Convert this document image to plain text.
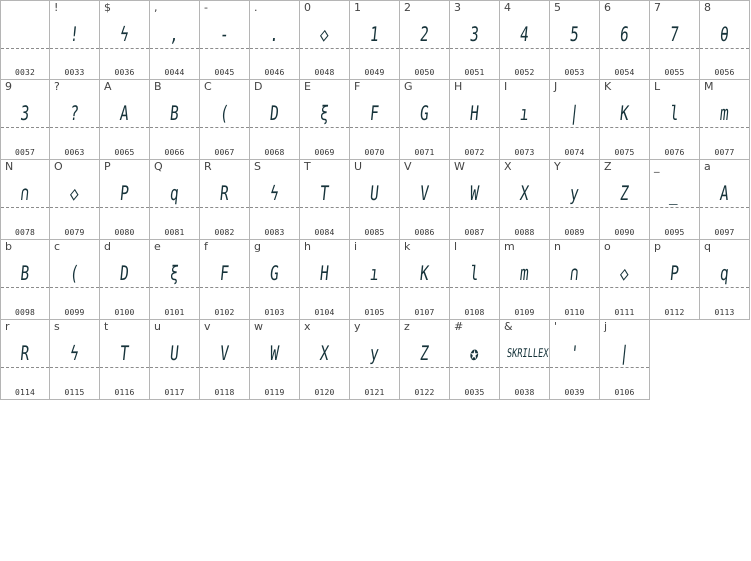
0032
!
!
0033
$
ϟ
0036
,
,
0044
-
-
0045
.
.
0046
0
◇
0048
1
1
0049
2
2
0050
3
3
0051
4
4
0052
5
5
0053
6
6
0054
7
7
0055
8
θ
0056
9
3
0057
?
?
0063
A
A
0065
B
B
0066
C
(
0067
D
D
0068
E
ξ
0069
F
F
0070
G
G
0071
H
H
0072
I
ı
0073
J
|
0074
K
K
0075
L
l
0076
M
m
0077
N
∩
0078
O
◇
0079
P
P
0080
Q
q
0081
R
R
0082
S
ϟ
0083
T
T
0084
U
U
0085
V
V
0086
W
W
0087
X
X
0088
Y
y
0089
Z
Z
0090
_
_
0095
a
A
0097
b
B
0098
c
(
0099
d
D
0100
e
ξ
0101
f
F
0102
g
G
0103
h
H
0104
i
ı
0105
k
K
0107
l
l
0108
m
m
0109
n
∩
0110
o
◇
0111
p
P
0112
q
q
0113
r
R
0114
s
ϟ
0115
t
T
0116
u
U
0117
v
V
0118
w
W
0119
x
X
0120
y
y
0121
z
Z
0122
#
✪
0035
&
SKRILLEX
0038
'
'
0039
j
|
0106
